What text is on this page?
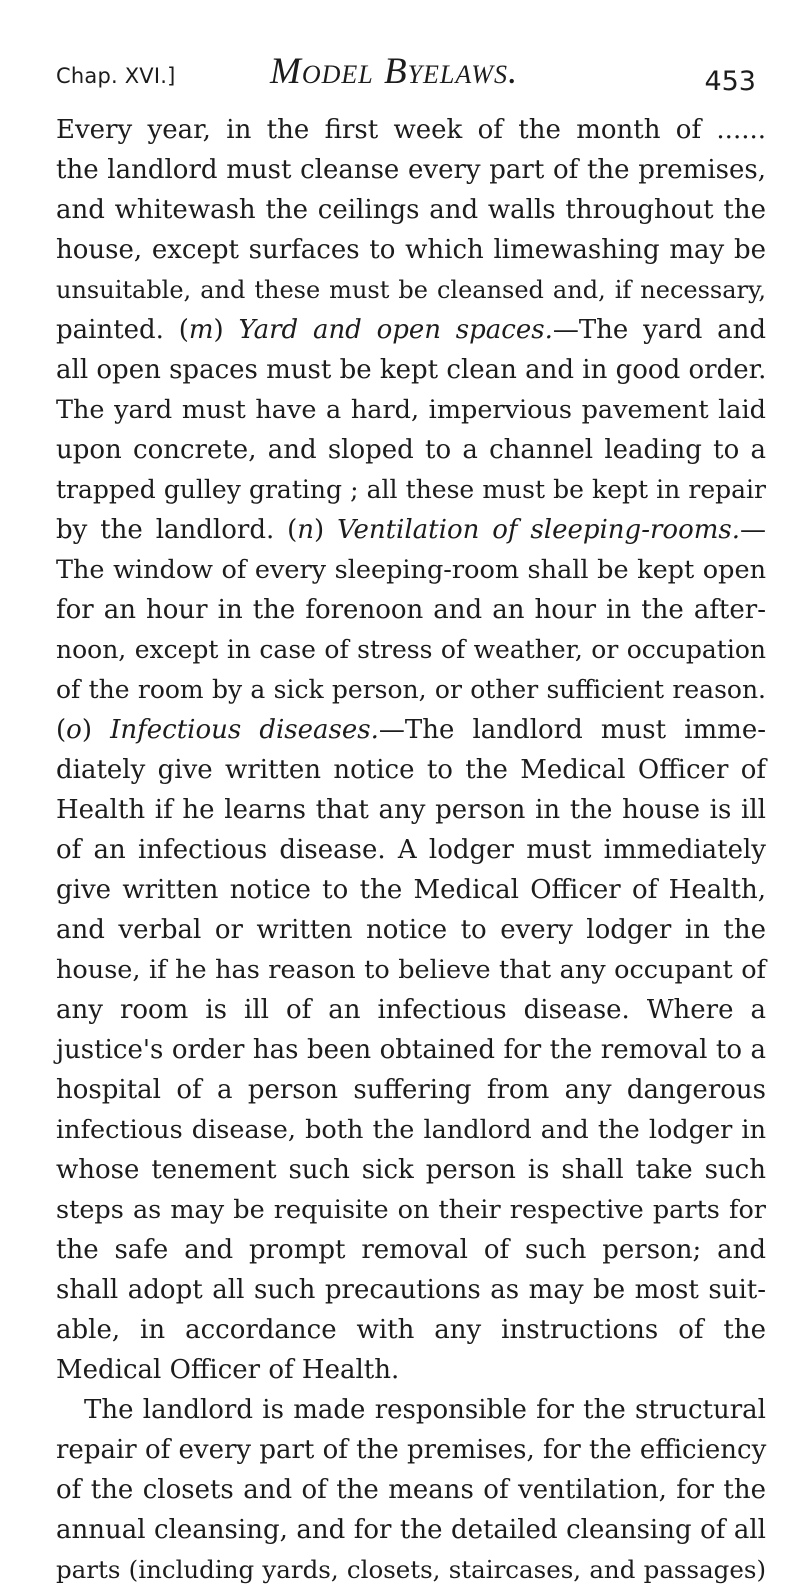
Chap. XVI.]	Model Byelaws.	453
Every year, in the first week of the month of ......
the landlord must cleanse every part of the premises,
and whitewash the ceilings and walls throughout the
house, except surfaces to which limewashing may be
unsuitable, and these must be cleansed and, if necessary,
painted. (m) Yard and open spaces.—The yard and
all open spaces must be kept clean and in good order.
The yard must have a hard, impervious pavement laid
upon concrete, and sloped to a channel leading to a
trapped gulley grating ; all these must be kept in repair
by the landlord. (n) Ventilation of sleeping-rooms.—
The window of every sleeping-room shall be kept open
for an hour in the forenoon and an hour in the after-
noon, except in case of stress of weather, or occupation
of the room by a sick person, or other sufficient reason.
(o) Infectious diseases.—The landlord must imme-
diately give written notice to the Medical Officer of
Health if he learns that any person in the house is ill
of an infectious disease. A lodger must immediately
give written notice to the Medical Officer of Health,
and verbal or written notice to every lodger in the
house, if he has reason to believe that any occupant of
any room is ill of an infectious disease. Where a
justice's order has been obtained for the removal to a
hospital of a person suffering from any dangerous
infectious disease, both the landlord and the lodger in
whose tenement such sick person is shall take such
steps as may be requisite on their respective parts for
the safe and prompt removal of such person; and
shall adopt all such precautions as may be most suit-
able, in accordance with any instructions of the
Medical Officer of Health.
The landlord is made responsible for the structural
repair of every part of the premises, for the efficiency
of the closets and of the means of ventilation, for the
annual cleansing, and for the detailed cleansing of all
parts (including yards, closets, staircases, and passages)
